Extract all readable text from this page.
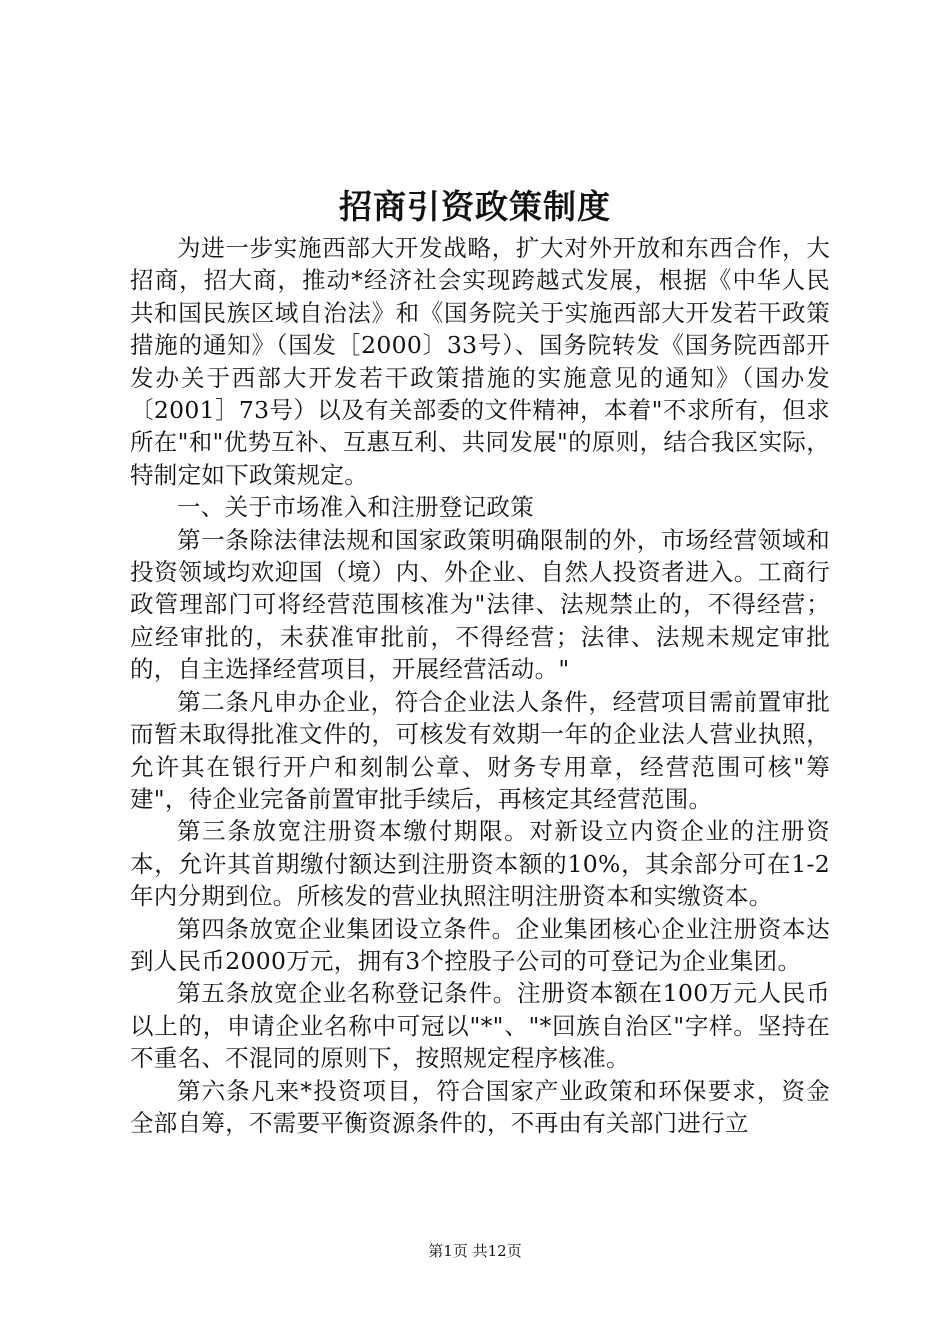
招商引资政策制度

为进一步实施西部大开发战略，扩大对外开放和东西合作，大招商，招大商，推动*经济社会实现跨越式发展，根据《中华人民共和国民族区域自治法》和《国务院关于实施西部大开发若干政策措施的通知》（国发［2000〕33号）、国务院转发《国务院西部开发办关于西部大开发若干政策措施的实施意见的通知》（国办发〔2001］73号）以及有关部委的文件精神，本着"不求所有，但求所在"和"优势互补、互惠互利、共同发展"的原则，结合我区实际，特制定如下政策规定。

一、关于市场准入和注册登记政策

第一条除法律法规和国家政策明确限制的外，市场经营领域和投资领域均欢迎国（境）内、外企业、自然人投资者进入。工商行政管理部门可将经营范围核准为"法律、法规禁止的，不得经营；应经审批的，未获准审批前，不得经营；法律、法规未规定审批的，自主选择经营项目，开展经营活动。"

第二条凡申办企业，符合企业法人条件，经营项目需前置审批而暂未取得批准文件的，可核发有效期一年的企业法人营业执照，允许其在银行开户和刻制公章、财务专用章，经营范围可核"筹建"，待企业完备前置审批手续后，再核定其经营范围。

第三条放宽注册资本缴付期限。对新设立内资企业的注册资本，允许其首期缴付额达到注册资本额的10%，其余部分可在1-2年内分期到位。所核发的营业执照注明注册资本和实缴资本。

第四条放宽企业集团设立条件。企业集团核心企业注册资本达到人民币2000万元，拥有3个控股子公司的可登记为企业集团。

第五条放宽企业名称登记条件。注册资本额在100万元人民币以上的，申请企业名称中可冠以"*"、"*回族自治区"字样。坚持在不重名、不混同的原则下，按照规定程序核准。

第六条凡来*投资项目，符合国家产业政策和环保要求，资金全部自筹，不需要平衡资源条件的，不再由有关部门进行立

第1页 共12页
